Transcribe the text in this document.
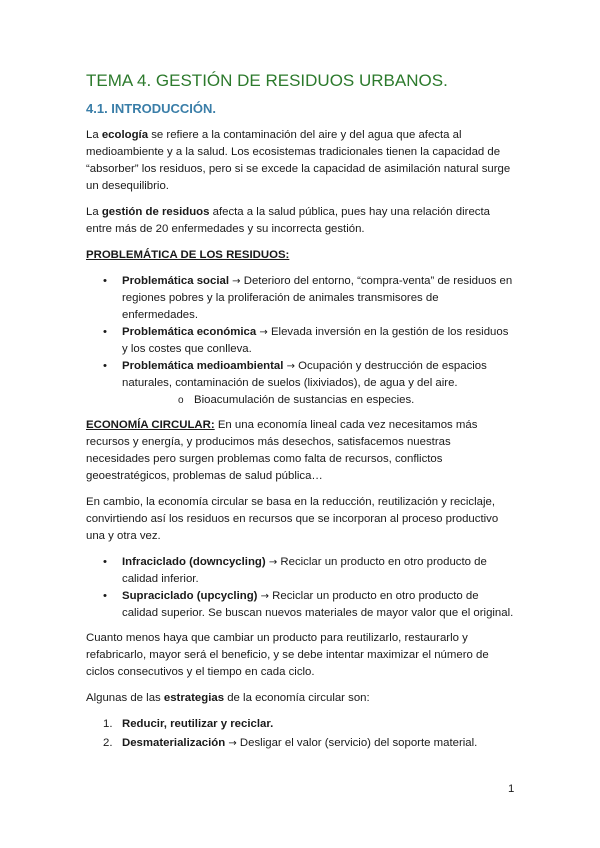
TEMA 4. GESTIÓN DE RESIDUOS URBANOS.
4.1. INTRODUCCIÓN.

La ecología se refiere a la contaminación del aire y del agua que afecta al medioambiente y a la salud. Los ecosistemas tradicionales tienen la capacidad de “absorber” los residuos, pero si se excede la capacidad de asimilación natural surge un desequilibrio.

La gestión de residuos afecta a la salud pública, pues hay una relación directa entre más de 20 enfermedades y su incorrecta gestión.

PROBLEMÁTICA DE LOS RESIDUOS:

• Problemática social → Deterioro del entorno, “compra-venta” de residuos en regiones pobres y la proliferación de animales transmisores de enfermedades.
• Problemática económica → Elevada inversión en la gestión de los residuos y los costes que conlleva.
• Problemática medioambiental → Ocupación y destrucción de espacios naturales, contaminación de suelos (lixiviados), de agua y del aire.
o Bioacumulación de sustancias en especies.

ECONOMÍA CIRCULAR: En una economía lineal cada vez necesitamos más recursos y energía, y producimos más desechos, satisfacemos nuestras necesidades pero surgen problemas como falta de recursos, conflictos geoestratégicos, problemas de salud pública…

En cambio, la economía circular se basa en la reducción, reutilización y reciclaje, convirtiendo así los residuos en recursos que se incorporan al proceso productivo una y otra vez.

• Infraciclado (downcycling) → Reciclar un producto en otro producto de calidad inferior.
• Supraciclado (upcycling) → Reciclar un producto en otro producto de calidad superior. Se buscan nuevos materiales de mayor valor que el original.

Cuanto menos haya que cambiar un producto para reutilizarlo, restaurarlo y refabricarlo, mayor será el beneficio, y se debe intentar maximizar el número de ciclos consecutivos y el tiempo en cada ciclo.

Algunas de las estrategias de la economía circular son:

1. Reducir, reutilizar y reciclar.
2. Desmaterialización → Desligar el valor (servicio) del soporte material.
1
